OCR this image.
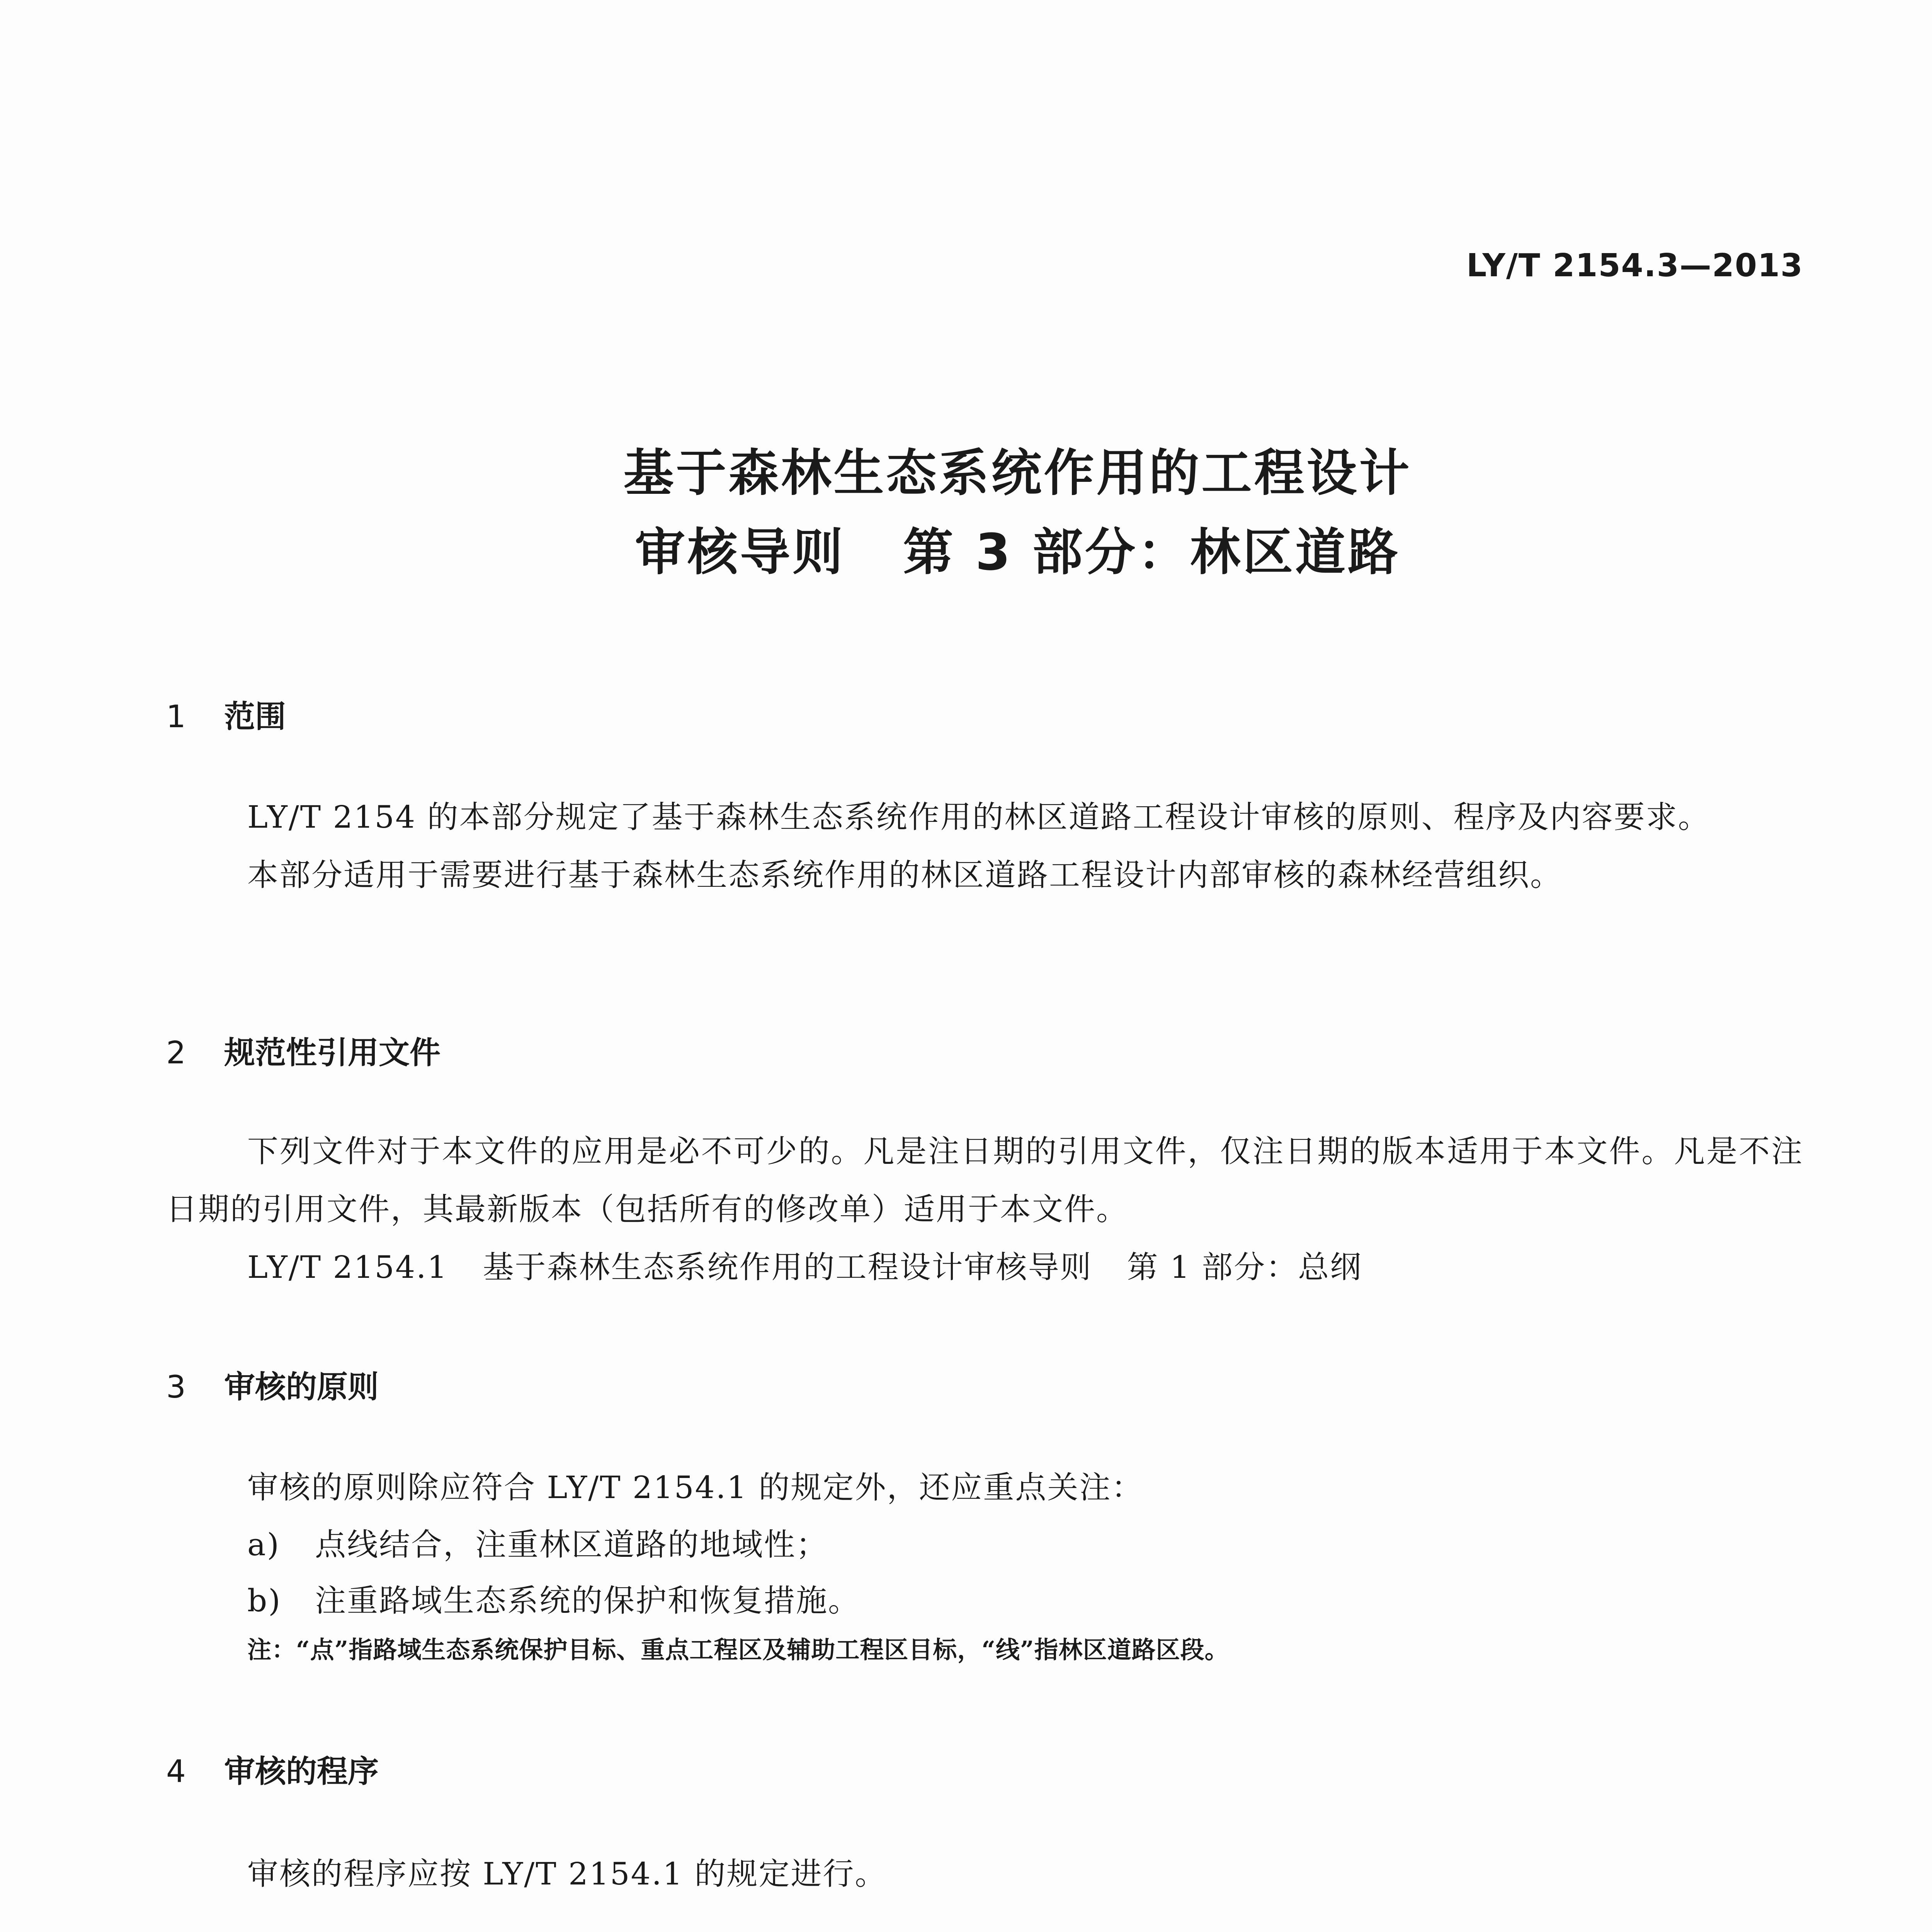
LY/T 2154.3—2013
基于森林生态系统作用的工程设计
审核导则 第 3 部分：林区道路
1 范围
LY/T 2154 的本部分规定了基于森林生态系统作用的林区道路工程设计审核的原则、程序及内容要求。
本部分适用于需要进行基于森林生态系统作用的林区道路工程设计内部审核的森林经营组织。
2 规范性引用文件
下列文件对于本文件的应用是必不可少的。凡是注日期的引用文件，仅注日期的版本适用于本文件。凡是不注日期的引用文件，其最新版本（包括所有的修改单）适用于本文件。
LY/T 2154.1 基于森林生态系统作用的工程设计审核导则 第 1 部分：总纲
3 审核的原则
审核的原则除应符合 LY/T 2154.1 的规定外，还应重点关注：
a) 点线结合，注重林区道路的地域性；
b) 注重路域生态系统的保护和恢复措施。
注：“点”指路域生态系统保护目标、重点工程区及辅助工程区目标，“线”指林区道路区段。
4 审核的程序
审核的程序应按 LY/T 2154.1 的规定进行。
